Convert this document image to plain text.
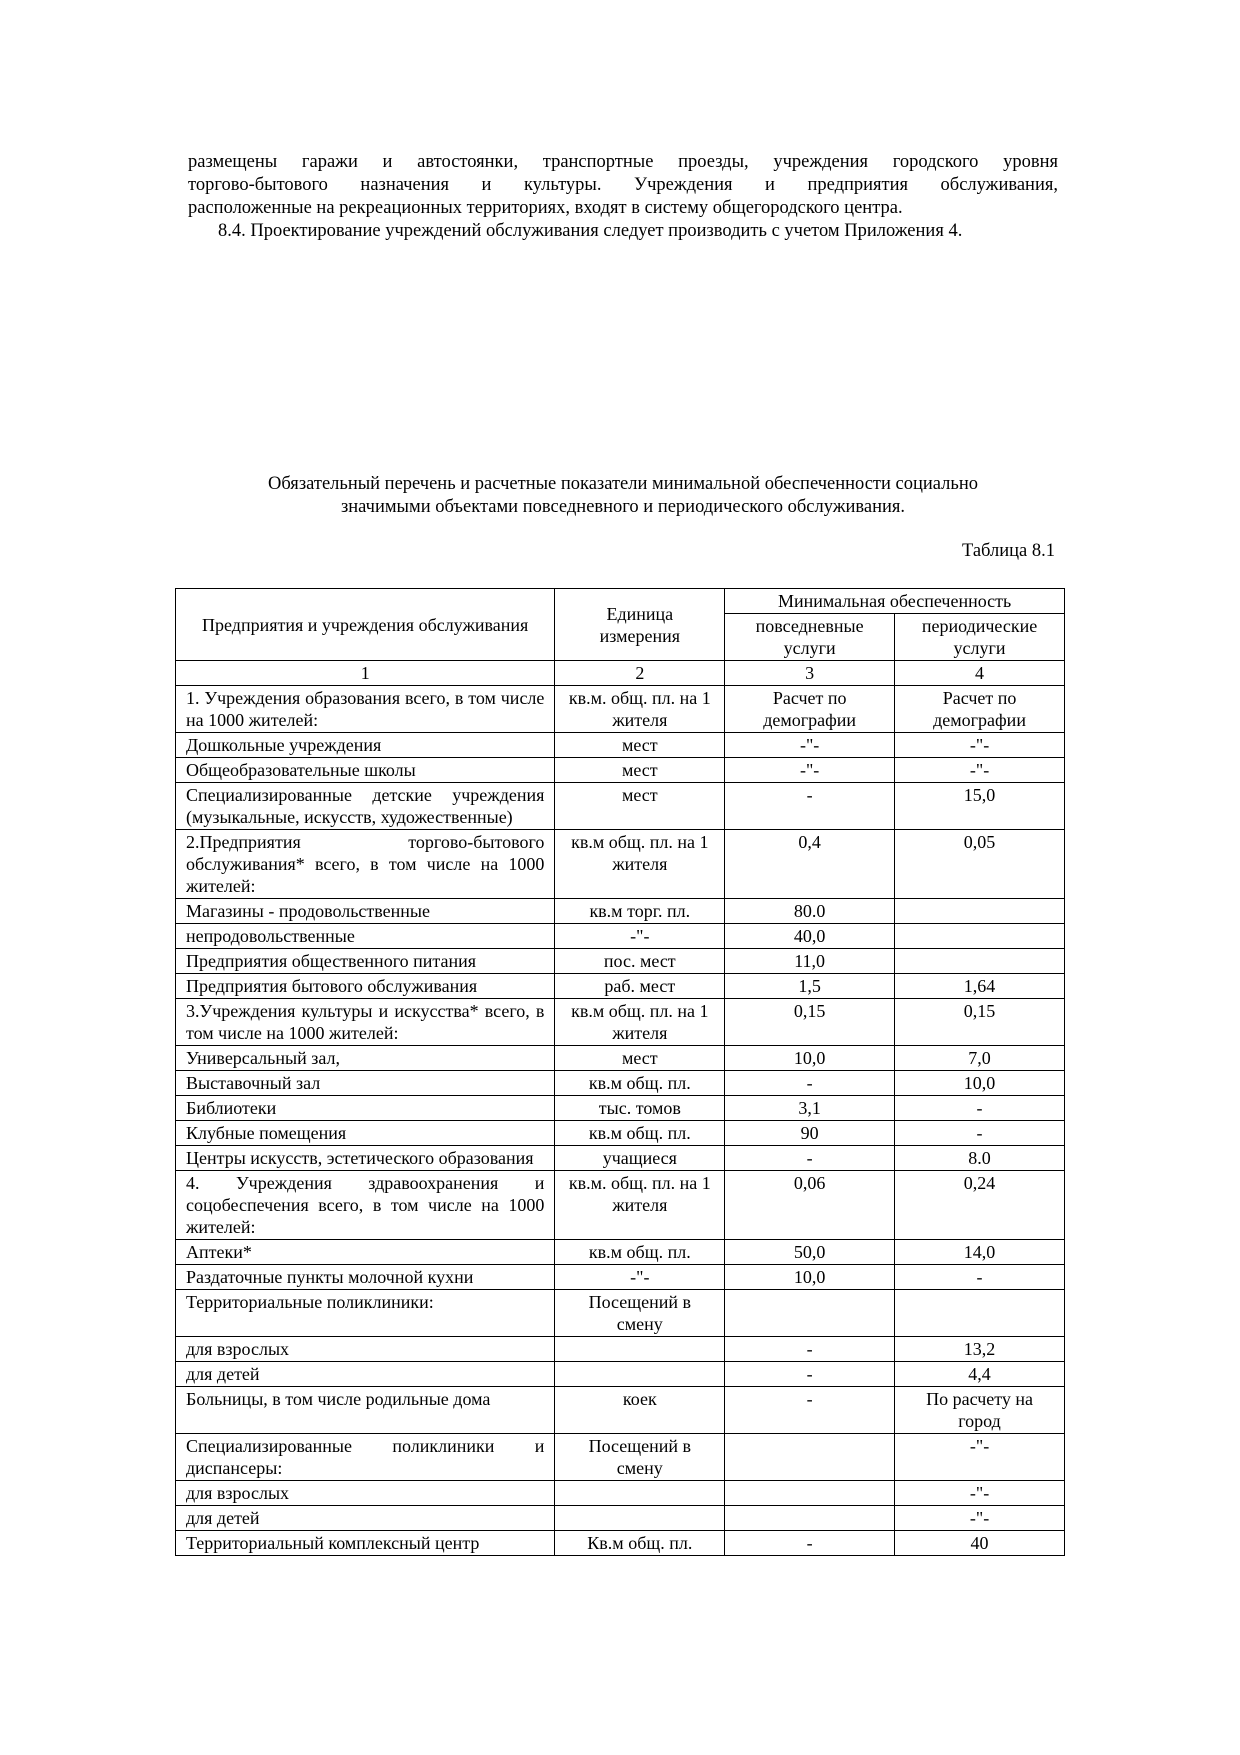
размещены гаражи и автостоянки, транспортные проезды, учреждения городского уровня
торгово-бытового назначения и культуры. Учреждения и предприятия обслуживания,
расположенные на рекреационных территориях, входят в систему общегородского центра.
8.4. Проектирование учреждений обслуживания следует производить с учетом Приложения 4.
Обязательный перечень и расчетные показатели минимальной обеспеченности социально
значимыми объектами повседневного и периодического обслуживания.
Таблица 8.1
Предприятия и учреждения обслуживания	Единица измерения	Минимальная обеспеченность	
		повседневные услуги	периодические услуги
1	2	3	4
1. Учреждения образования всего, в том числе на 1000 жителей:	кв.м. общ. пл. на 1 жителя	Расчет по демографии	Расчет по демографии
Дошкольные учреждения	мест	-"-	-"-
Общеобразовательные школы	мест	-"-	-"-
Специализированные детские учреждения (музыкальные, искусств, художественные)	мест	-	15,0
2.Предприятия торгово-бытового обслуживания* всего, в том числе на 1000 жителей:	кв.м общ. пл. на 1 жителя	0,4	0,05
Магазины - продовольственные	кв.м торг. пл.	80.0	
непродовольственные	-"-	40,0	
Предприятия общественного питания	пос. мест	11,0	
Предприятия бытового обслуживания	раб. мест	1,5	1,64
3.Учреждения культуры и искусства* всего, в том числе на 1000 жителей:	кв.м общ. пл. на 1 жителя	0,15	0,15
Универсальный зал,	мест	10,0	7,0
Выставочный зал	кв.м общ. пл.	-	10,0
Библиотеки	тыс. томов	3,1	-
Клубные помещения	кв.м общ. пл.	90	-
Центры искусств, эстетического образования	учащиеся	-	8.0
4. Учреждения здравоохранения и соцобеспечения всего, в том числе на 1000 жителей:	кв.м. общ. пл. на 1 жителя	0,06	0,24
Аптеки*	кв.м общ. пл.	50,0	14,0
Раздаточные пункты молочной кухни	-"-	10,0	-
Территориальные поликлиники:	Посещений в смену		
для взрослых		-	13,2
для детей		-	4,4
Больницы, в том числе родильные дома	коек	-	По расчету на город
Специализированные поликлиники и диспансеры:	Посещений в смену		-"-
для взрослых			-"-
для детей			-"-
Территориальный комплексный центр	Кв.м общ. пл.	-	40
